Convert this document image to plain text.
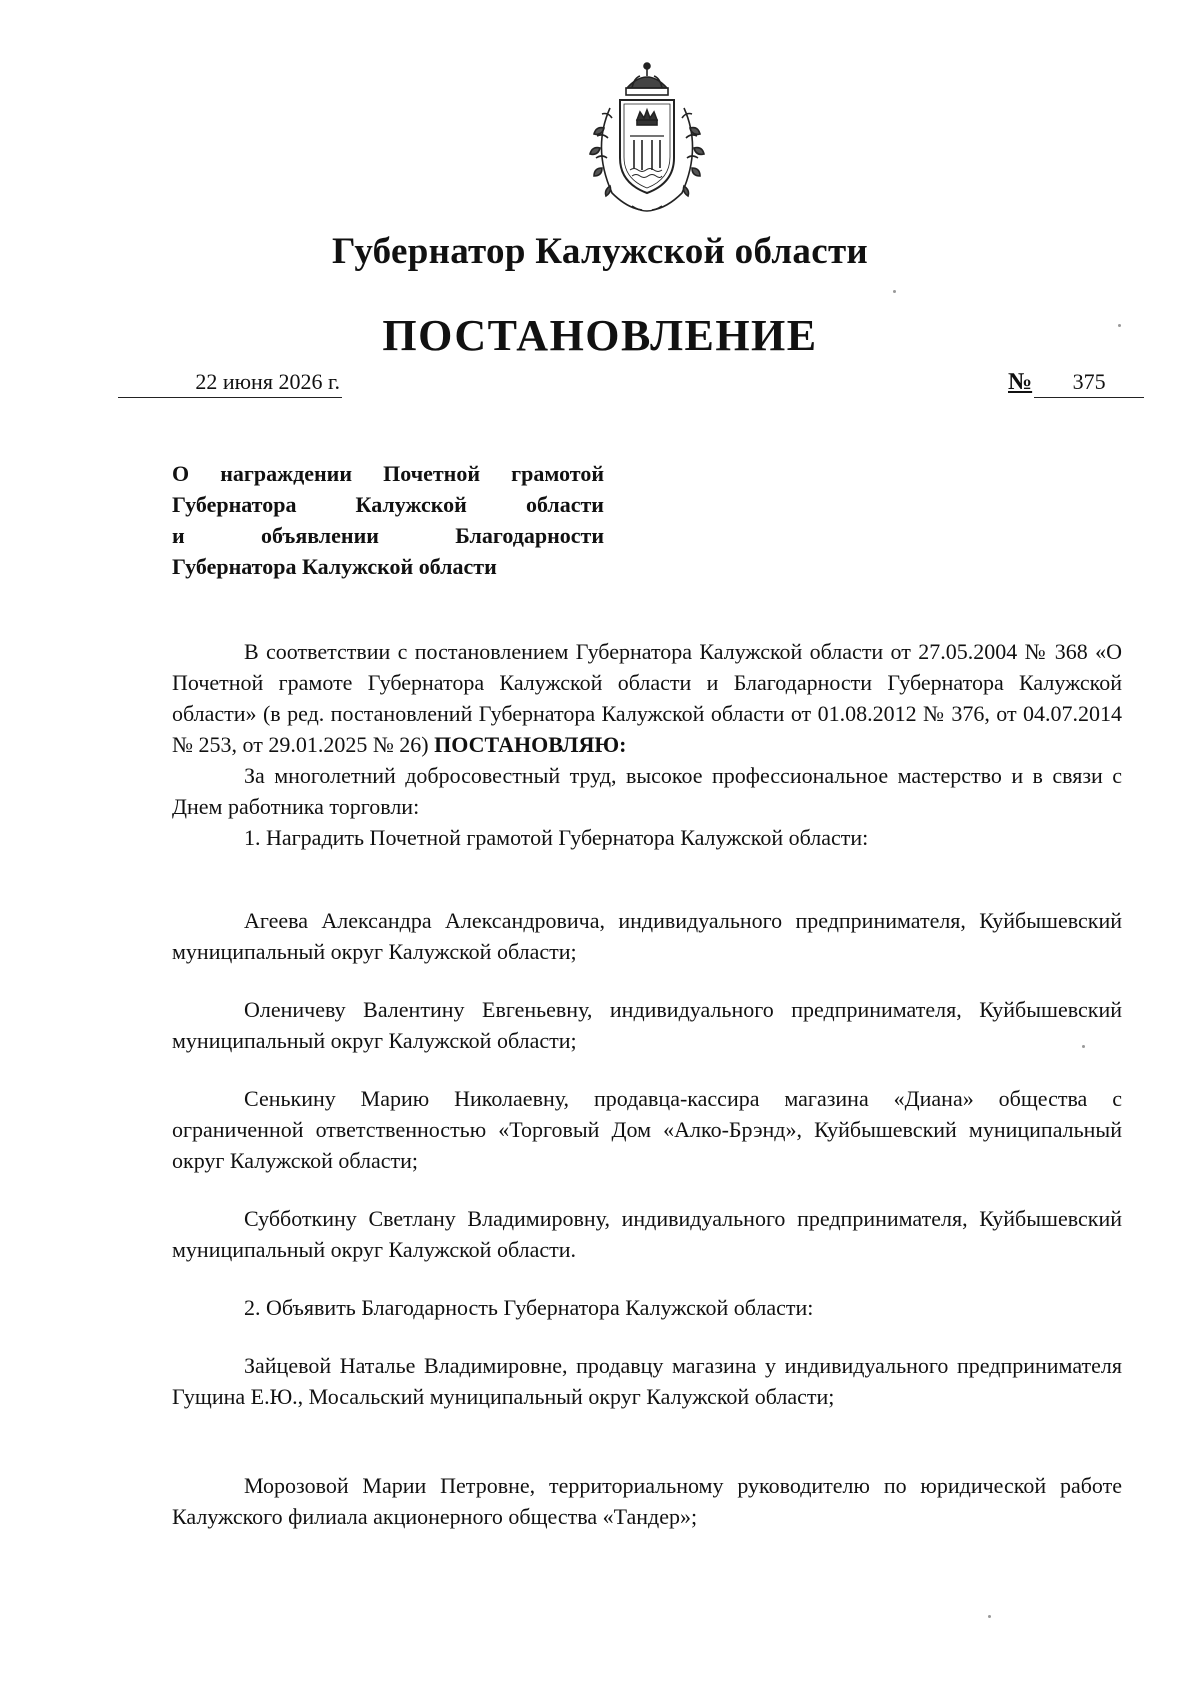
Губернатор Калужской области
ПОСТАНОВЛЕНИЕ
22 июня 2026 г.	№ 375
О награждении Почетной грамотой
Губернатора Калужской области
и объявлении Благодарности
Губернатора Калужской области

В соответствии с постановлением Губернатора Калужской области от 27.05.2004 № 368 «О Почетной грамоте Губернатора Калужской области и Благодарности Губернатора Калужской области» (в ред. постановлений Губернатора Калужской области от 01.08.2012 № 376, от 04.07.2014 № 253, от 29.01.2025 № 26) ПОСТАНОВЛЯЮ:

За многолетний добросовестный труд, высокое профессиональное мастерство и в связи с Днем работника торговли:

1. Наградить Почетной грамотой Губернатора Калужской области:

Агеева Александра Александровича, индивидуального предпринимателя, Куйбышевский муниципальный округ Калужской области;

Оленичеву Валентину Евгеньевну, индивидуального предпринимателя, Куйбышевский муниципальный округ Калужской области;

Сенькину Марию Николаевну, продавца-кассира магазина «Диана» общества с ограниченной ответственностью «Торговый Дом «Алко-Брэнд», Куйбышевский муниципальный округ Калужской области;

Субботкину Светлану Владимировну, индивидуального предпринимателя, Куйбышевский муниципальный округ Калужской области.

2. Объявить Благодарность Губернатора Калужской области:

Зайцевой Наталье Владимировне, продавцу магазина у индивидуального предпринимателя Гущина Е.Ю., Мосальский муниципальный округ Калужской области;

Морозовой Марии Петровне, территориальному руководителю по юридической работе Калужского филиала акционерного общества «Тандер»;
